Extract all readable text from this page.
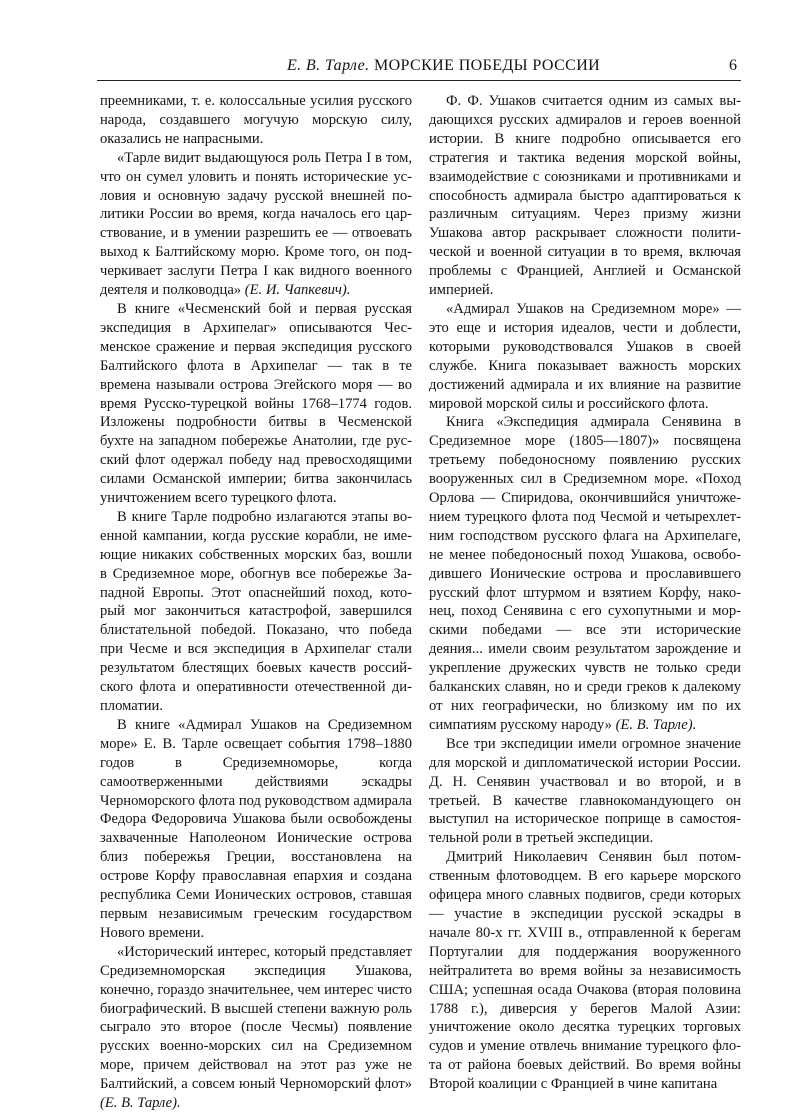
Е. В. Тарле. МОРСКИЕ ПОБЕДЫ РОССИИ	6

преемниками, т. е. колоссальные усилия русского народа, создавшего могучую морскую силу, оказались не напрасными.

«Тарле видит выдающуюся роль Петра I в том, что он сумел уловить и понять исторические условия и основную задачу русской внешней политики России во время, когда началось его царствование, и в умении разрешить ее — отвоевать выход к Балтийскому морю. Кроме того, он подчеркивает заслуги Петра I как видного военного деятеля и полководца» (Е. И. Чапкевич).

В книге «Чесменский бой и первая русская экспедиция в Архипелаг» описываются Чесменское сражение и первая экспедиция русского Балтийского флота в Архипелаг — так в те времена называли острова Эгейского моря — во время Русско-турецкой войны 1768–1774 годов. Изложены подробности битвы в Чесменской бухте на западном побережье Анатолии, где русский флот одержал победу над превосходящими силами Османской империи; битва закончилась уничтожением всего турецкого флота.

В книге Тарле подробно излагаются этапы военной кампании, когда русские корабли, не имеющие никаких собственных морских баз, вошли в Средиземное море, обогнув все побережье Западной Европы. Этот опаснейший поход, который мог закончиться катастрофой, завершился блистательной победой. Показано, что победа при Чесме и вся экспедиция в Архипелаг стали результатом блестящих боевых качеств российского флота и оперативности отечественной дипломатии.

В книге «Адмирал Ушаков на Средиземном море» Е. В. Тарле освещает события 1798–1880 годов в Средиземноморье, когда самоотверженными действиями эскадры Черноморского флота под руководством адмирала Федора Федоровича Ушакова были освобождены захваченные Наполеоном Ионические острова близ побережья Греции, восстановлена на острове Корфу православная епархия и создана республика Семи Ионических островов, ставшая первым независимым греческим государством Нового времени.

«Исторический интерес, который представляет Средиземноморская экспедиция Ушакова, конечно, гораздо значительнее, чем интерес чисто биографический. В высшей степени важную роль сыграло это второе (после Чесмы) появление русских военно-морских сил на Средиземном море, причем действовал на этот раз уже не Балтийский, а совсем юный Черноморский флот» (Е. В. Тарле).

Ф. Ф. Ушаков считается одним из самых выдающихся русских адмиралов и героев военной истории. В книге подробно описывается его стратегия и тактика ведения морской войны, взаимодействие с союзниками и противниками и способность адмирала быстро адаптироваться к различным ситуациям. Через призму жизни Ушакова автор раскрывает сложности политической и военной ситуации в то время, включая проблемы с Францией, Англией и Османской империей.

«Адмирал Ушаков на Средиземном море» — это еще и история идеалов, чести и доблести, которыми руководствовался Ушаков в своей службе. Книга показывает важность морских достижений адмирала и их влияние на развитие мировой морской силы и российского флота.

Книга «Экспедиция адмирала Сенявина в Средиземное море (1805—1807)» посвящена третьему победоносному появлению русских вооруженных сил в Средиземном море. «Поход Орлова — Спиридова, окончившийся уничтожением турецкого флота под Чесмой и четырехлетним господством русского флага на Архипелаге, не менее победоносный поход Ушакова, освободившего Ионические острова и прославившего русский флот штурмом и взятием Корфу, наконец, поход Сенявина с его сухопутными и морскими победами — все эти исторические деяния... имели своим результатом зарождение и укрепление дружеских чувств не только среди балканских славян, но и среди греков к далекому от них географически, но близкому им по их симпатиям русскому народу» (Е. В. Тарле).

Все три экспедиции имели огромное значение для морской и дипломатической истории России. Д. Н. Сенявин участвовал и во второй, и в третьей. В качестве главнокомандующего он выступил на историческое поприще в самостоятельной роли в третьей экспедиции.

Дмитрий Николаевич Сенявин был потомственным флотоводцем. В его карьере морского офицера много славных подвигов, среди которых — участие в экспедиции русской эскадры в начале 80-х гг. XVIII в., отправленной к берегам Португалии для поддержания вооруженного нейтралитета во время войны за независимость США; успешная осада Очакова (вторая половина 1788 г.), диверсия у берегов Малой Азии: уничтожение около десятка турецких торговых судов и умение отвлечь внимание турецкого флота от района боевых действий. Во время войны Второй коалиции с Францией в чине капитана
